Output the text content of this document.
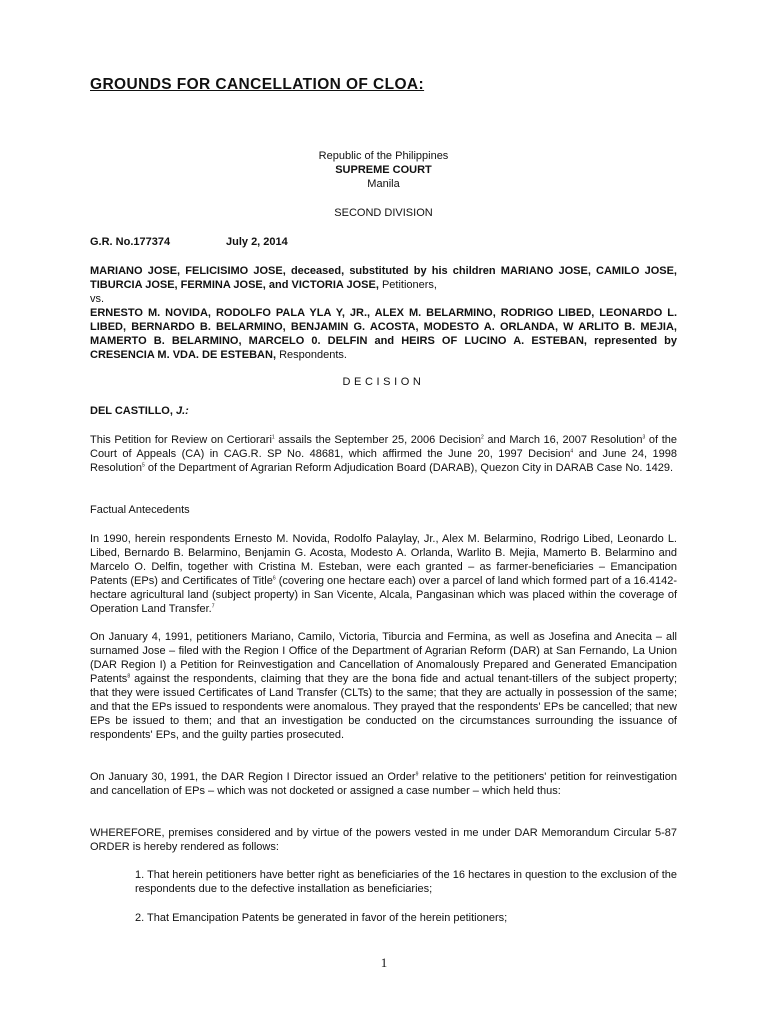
GROUNDS FOR CANCELLATION OF CLOA:
Republic of the Philippines
SUPREME COURT
Manila
SECOND DIVISION
G.R. No.177374	July 2, 2014

MARIANO JOSE, FELICISIMO JOSE, deceased, substituted by his children MARIANO JOSE, CAMILO JOSE, TIBURCIA JOSE, FERMINA JOSE, and VICTORIA JOSE, Petitioners,

vs.

ERNESTO M. NOVIDA, RODOLFO PALA YLA Y, JR., ALEX M. BELARMINO, RODRIGO LIBED, LEONARDO L. LIBED, BERNARDO B. BELARMINO, BENJAMIN G. ACOSTA, MODESTO A. ORLANDA, W ARLITO B. MEJIA, MAMERTO B. BELARMINO, MARCELO 0. DELFIN and HEIRS OF LUCINO A. ESTEBAN, represented by CRESENCIA M. VDA. DE ESTEBAN, Respondents.

DECISION
DEL CASTILLO, J.:

This Petition for Review on Certiorari$^1$ assails the September 25, 2006 Decision$^2$ and March 16, 2007 Resolution$^3$ of the Court of Appeals (CA) in CAG.R. SP No. 48681, which affirmed the June 20, 1997 Decision$^4$ and June 24, 1998 Resolution$^5$ of the Department of Agrarian Reform Adjudication Board (DARAB), Quezon City in DARAB Case No. 1429.

Factual Antecedents

In 1990, herein respondents Ernesto M. Novida, Rodolfo Palaylay, Jr., Alex M. Belarmino, Rodrigo Libed, Leonardo L. Libed, Bernardo B. Belarmino, Benjamin G. Acosta, Modesto A. Orlanda, Warlito B. Mejia, Mamerto B. Belarmino and Marcelo O. Delfin, together with Cristina M. Esteban, were each granted – as farmer-beneficiaries – Emancipation Patents (EPs) and Certificates of Title$^6$ (covering one hectare each) over a parcel of land which formed part of a 16.4142-hectare agricultural land (subject property) in San Vicente, Alcala, Pangasinan which was placed within the coverage of Operation Land Transfer.$^7$

On January 4, 1991, petitioners Mariano, Camilo, Victoria, Tiburcia and Fermina, as well as Josefina and Anecita – all surnamed Jose – filed with the Region I Office of the Department of Agrarian Reform (DAR) at San Fernando, La Union (DAR Region I) a Petition for Reinvestigation and Cancellation of Anomalously Prepared and Generated Emancipation Patents$^8$ against the respondents, claiming that they are the bona fide and actual tenant-tillers of the subject property; that they were issued Certificates of Land Transfer (CLTs) to the same; that they are actually in possession of the same; and that the EPs issued to respondents were anomalous. They prayed that the respondents' EPs be cancelled; that new EPs be issued to them; and that an investigation be conducted on the circumstances surrounding the issuance of respondents' EPs, and the guilty parties prosecuted.

On January 30, 1991, the DAR Region I Director issued an Order$^9$ relative to the petitioners' petition for reinvestigation and cancellation of EPs – which was not docketed or assigned a case number – which held thus:

WHEREFORE, premises considered and by virtue of the powers vested in me under DAR Memorandum Circular 5-87 ORDER is hereby rendered as follows:

1. That herein petitioners have better right as beneficiaries of the 16 hectares in question to the exclusion of the respondents due to the defective installation as beneficiaries;

2. That Emancipation Patents be generated in favor of the herein petitioners;

1
